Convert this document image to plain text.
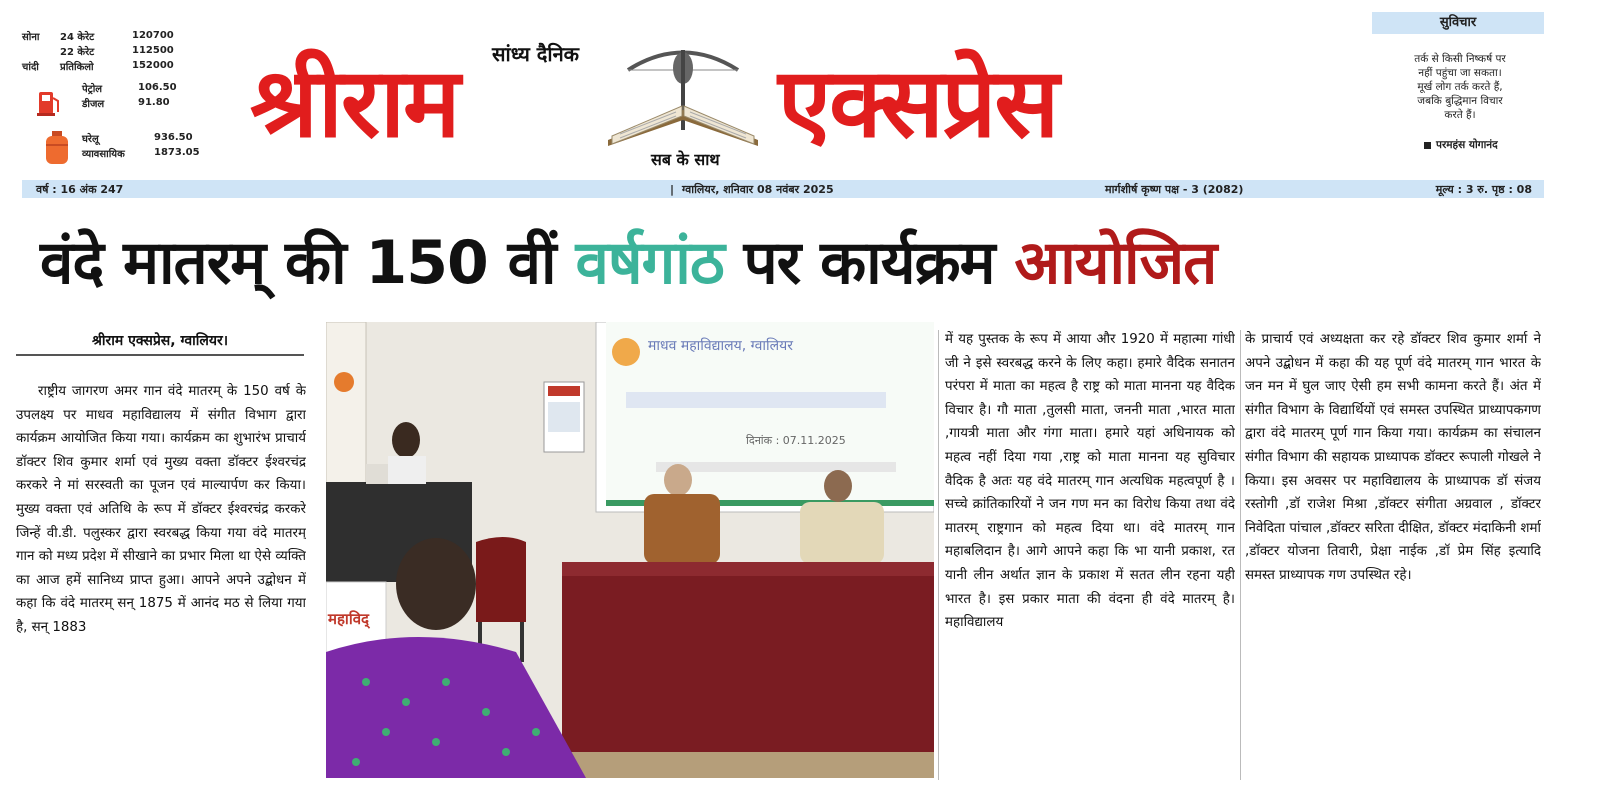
सोना	24 केरेट	120700
22 केरेट	112500
चांदी	प्रतिकिलो	152000
पेट्रोल	106.50
डीजल	91.80
घरेलू	936.50
व्यावसायिक	1873.05
सांध्य दैनिक
श्रीराम	एक्सप्रेस
सब के साथ
सुविचार
तर्क से किसी निष्कर्ष पर
नहीं पहुंचा जा सकता।
मूर्ख लोग तर्क करते हैं,
जबकि बुद्धिमान विचार
करते हैं।
परमहंस योगानंद
वर्ष : 16 अंक 247
|	ग्वालियर, शनिवार 08 नवंबर 2025	मार्गशीर्ष कृष्ण पक्ष - 3 (2082)	मूल्य : 3 रु. पृष्ठ : 08
वंदे मातरम् की 150 वीं वर्षगांठ पर कार्यक्रम आयोजित
श्रीराम एक्सप्रेस, ग्वालियर।
राष्ट्रीय जागरण अमर गान वंदे मातरम् के 150 वर्ष के उपलक्ष्य पर माधव महाविद्यालय में संगीत विभाग द्वारा कार्यक्रम आयोजित किया गया। कार्यक्रम का शुभारंभ प्राचार्य डॉक्टर शिव कुमार शर्मा एवं मुख्य वक्ता डॉक्टर ईश्वरचंद्र करकरे ने मां सरस्वती का पूजन एवं माल्यार्पण कर किया। मुख्य वक्ता एवं अतिथि के रूप में डॉक्टर ईश्वरचंद्र करकरे जिन्हें वी.डी. पलुस्कर द्वारा स्वरबद्ध किया गया वंदे मातरम् गान को मध्य प्रदेश में सीखाने का प्रभार मिला था ऐसे व्यक्ति का आज हमें सानिध्य प्राप्त हुआ। आपने अपने उद्बोधन में कहा कि वंदे मातरम् सन् 1875 में आनंद मठ से लिया गया है, सन् 1883
माधव महाविद्यालय, ग्वालियर
दिनांक : 07.11.2025
महाविद्
में यह पुस्तक के रूप में आया और 1920 में महात्मा गांधी जी ने इसे स्वरबद्ध करने के लिए कहा। हमारे वैदिक सनातन परंपरा में माता का महत्व है राष्ट्र को माता मानना यह वैदिक विचार है। गौ माता ,तुलसी माता, जननी माता ,भारत माता ,गायत्री माता और गंगा माता। हमारे यहां अधिनायक को महत्व नहीं दिया गया ,राष्ट्र को माता मानना यह सुविचार वैदिक है अतः यह वंदे मातरम् गान अत्यधिक महत्वपूर्ण है ।सच्चे क्रांतिकारियों ने जन गण मन का विरोध किया तथा वंदे मातरम् राष्ट्रगान को महत्व दिया था। वंदे मातरम् गान महाबलिदान है। आगे आपने कहा कि भा यानी प्रकाश, रत यानी लीन अर्थात ज्ञान के प्रकाश में सतत लीन रहना यही भारत है। इस प्रकार माता की वंदना ही वंदे मातरम् है। महाविद्यालय
के प्राचार्य एवं अध्यक्षता कर रहे डॉक्टर शिव कुमार शर्मा ने अपने उद्बोधन में कहा की यह पूर्ण वंदे मातरम् गान भारत के जन मन में घुल जाए ऐसी हम सभी कामना करते हैं। अंत में संगीत विभाग के विद्यार्थियों एवं समस्त उपस्थित प्राध्यापकगण द्वारा वंदे मातरम् पूर्ण गान किया गया। कार्यक्रम का संचालन संगीत विभाग की सहायक प्राध्यापक डॉक्टर रूपाली गोखले ने किया। इस अवसर पर महाविद्यालय के प्राध्यापक डॉ संजय रस्तोगी ,डॉ राजेश मिश्रा ,डॉक्टर संगीता अग्रवाल , डॉक्टर निवेदिता पांचाल ,डॉक्टर सरिता दीक्षित, डॉक्टर मंदाकिनी शर्मा ,डॉक्टर योजना तिवारी, प्रेक्षा नाईक ,डॉ प्रेम सिंह इत्यादि समस्त प्राध्यापक गण उपस्थित रहे।
